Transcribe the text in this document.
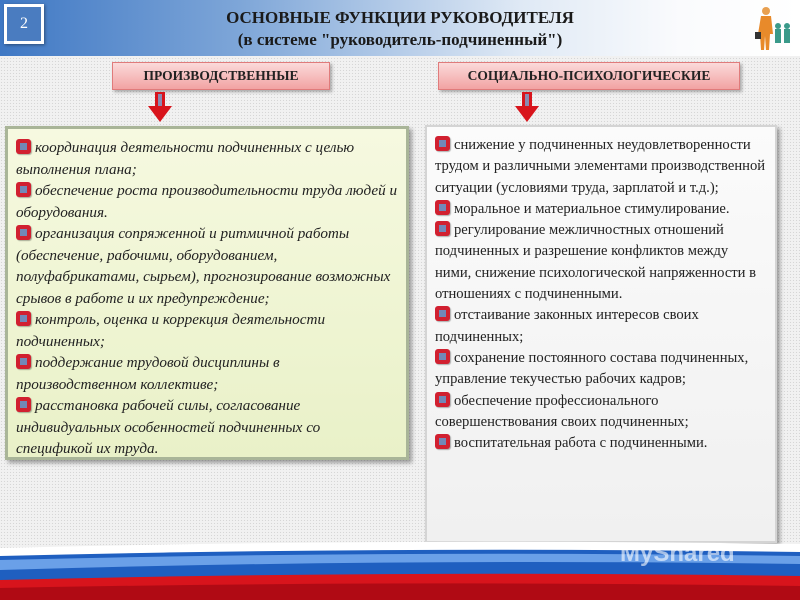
2	ОСНОВНЫЕ ФУНКЦИИ РУКОВОДИТЕЛЯ
(в системе "руководитель-подчиненный")
ПРОИЗВОДСТВЕННЫЕ	СОЦИАЛЬНО-ПСИХОЛОГИЧЕСКИЕ
координация деятельности подчиненных с целью выполнения плана;
обеспечение роста производительности труда людей и оборудования.
организация сопряженной и ритмичной работы (обеспечение, рабочими, оборудованием, полуфабрикатами, сырьем), прогнозирование возможных срывов в работе и их предупреждение;
контроль, оценка и коррекция деятельности подчиненных;
поддержание трудовой дисциплины в производственном коллективе;
расстановка рабочей силы, согласование индивидуальных особенностей подчиненных со спецификой их труда.
снижение у подчиненных неудовлетворенности трудом и различными элементами производственной ситуации (условиями труда, зарплатой и т.д.);
моральное и материальное стимулирование.
регулирование межличностных отношений подчиненных и разрешение конфликтов между ними, снижение психологической напряженности в отношениях с подчиненными.
отстаивание законных интересов своих подчиненных;
сохранение постоянного состава подчиненных, управление текучестью рабочих кадров;
обеспечение профессионального совершенствования своих подчиненных;
воспитательная работа с подчиненными.
MyShared
